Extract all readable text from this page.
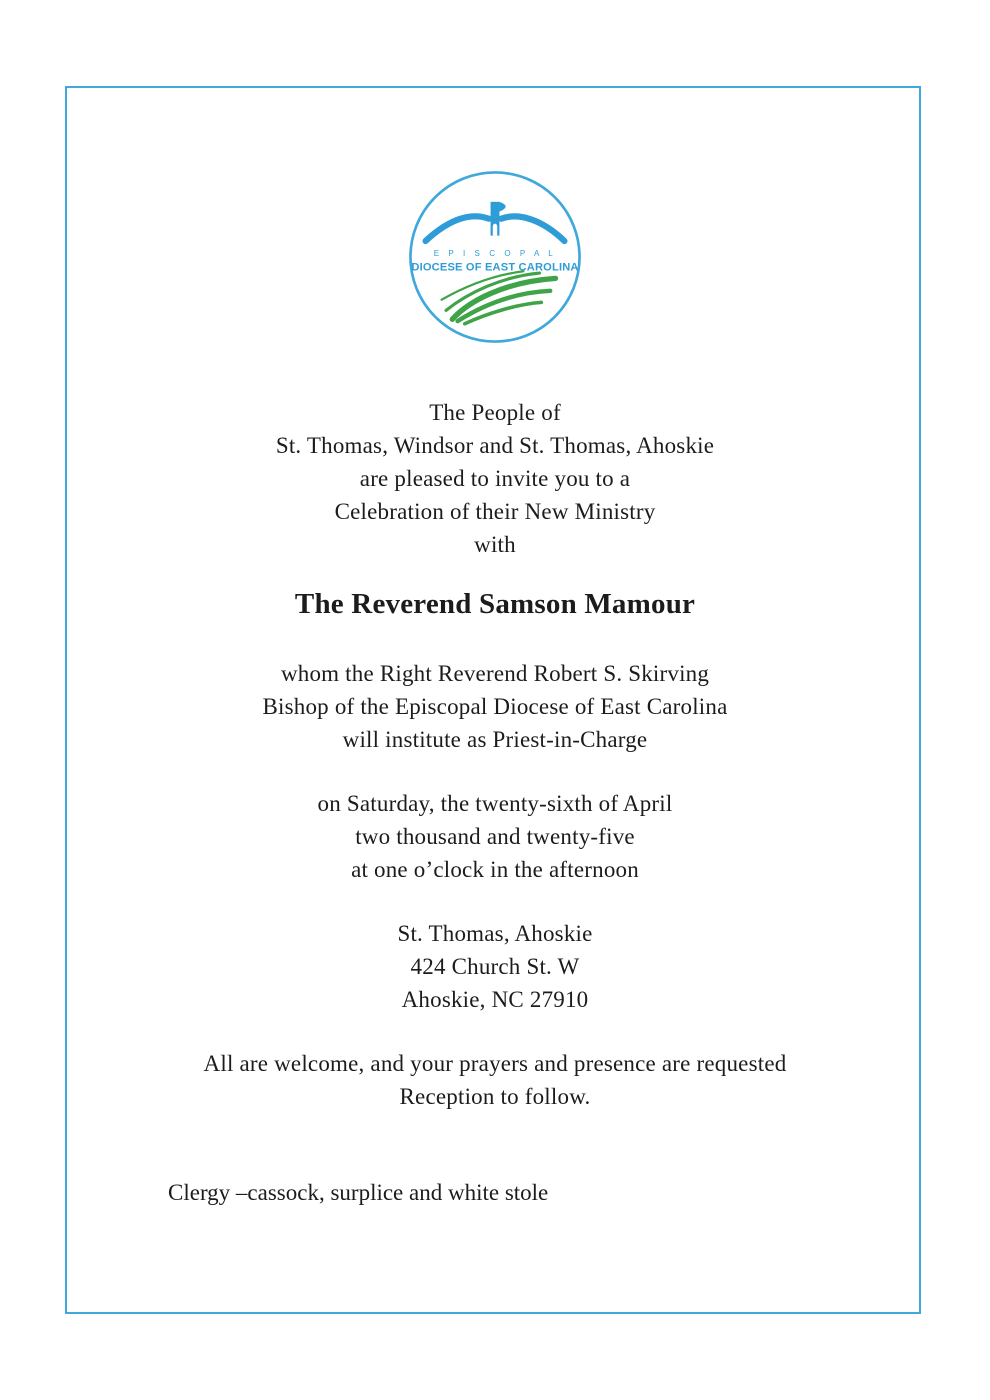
E P I S C O P A L
DIOCESE OF EAST CAROLINA
The People of
St. Thomas, Windsor and St. Thomas, Ahoskie
are pleased to invite you to a
Celebration of their New Ministry
with
The Reverend Samson Mamour
whom the Right Reverend Robert S. Skirving
Bishop of the Episcopal Diocese of East Carolina
will institute as Priest-in-Charge
on Saturday, the twenty-sixth of April
two thousand and twenty-five
at one o’clock in the afternoon
St. Thomas, Ahoskie
424 Church St. W
Ahoskie, NC 27910
All are welcome, and your prayers and presence are requested
Reception to follow.
Clergy –cassock, surplice and white stole
